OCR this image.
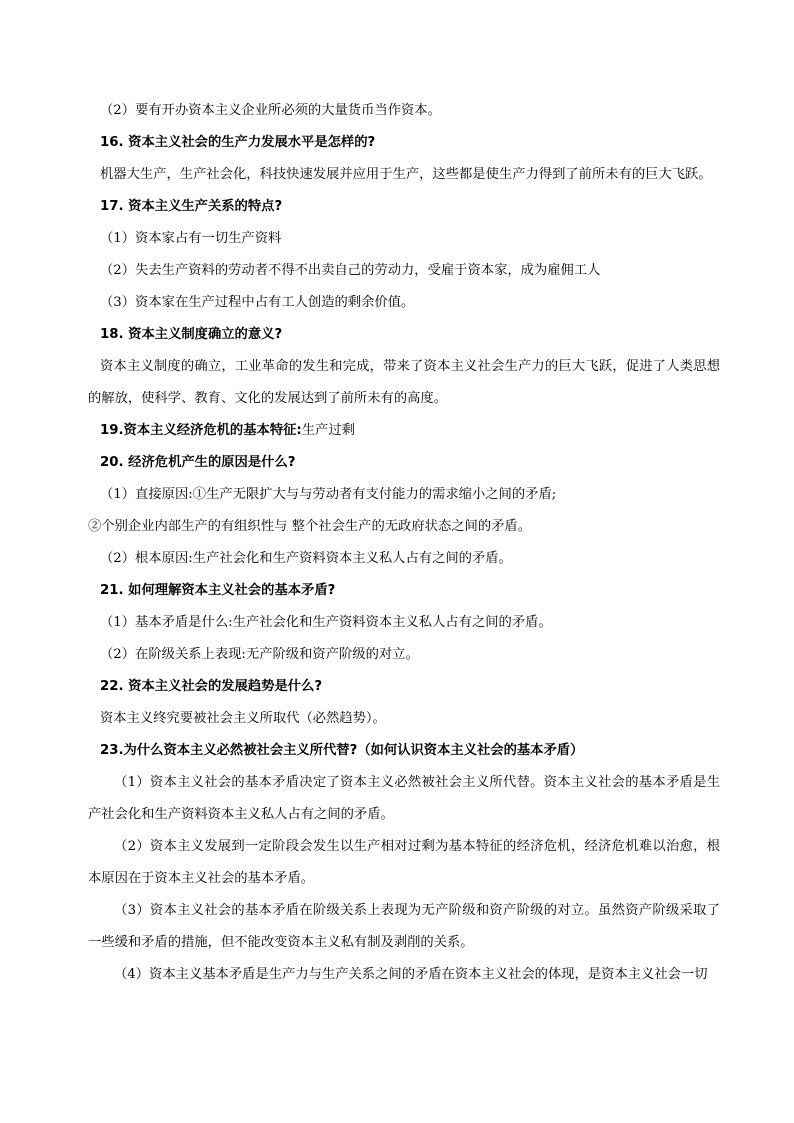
（2）要有开办资本主义企业所必须的大量货币当作资本。

16. 资本主义社会的生产力发展水平是怎样的?

机器大生产，生产社会化，科技快速发展并应用于生产，这些都是使生产力得到了前所未有的巨大飞跃。

17. 资本主义生产关系的特点?

（1）资本家占有一切生产资料

（2）失去生产资料的劳动者不得不出卖自己的劳动力，受雇于资本家，成为雇佣工人

（3）资本家在生产过程中占有工人创造的剩余价值。

18. 资本主义制度确立的意义?

资本主义制度的确立，工业革命的发生和完成，带来了资本主义社会生产力的巨大飞跃，促进了人类思想的解放，使科学、教育、文化的发展达到了前所未有的高度。

19.资本主义经济危机的基本特征:生产过剩

20. 经济危机产生的原因是什么?

（1）直接原因:①生产无限扩大与与劳动者有支付能力的需求缩小之间的矛盾;

②个别企业内部生产的有组织性与 整个社会生产的无政府状态之间的矛盾。

（2）根本原因:生产社会化和生产资料资本主义私人占有之间的矛盾。

21. 如何理解资本主义社会的基本矛盾?

（1）基本矛盾是什么:生产社会化和生产资料资本主义私人占有之间的矛盾。

（2）在阶级关系上表现:无产阶级和资产阶级的对立。

22. 资本主义社会的发展趋势是什么?

资本主义终究要被社会主义所取代（必然趋势）。

23.为什么资本主义必然被社会主义所代替?（如何认识资本主义社会的基本矛盾）

（1）资本主义社会的基本矛盾决定了资本主义必然被社会主义所代替。资本主义社会的基本矛盾是生产社会化和生产资料资本主义私人占有之间的矛盾。

（2）资本主义发展到一定阶段会发生以生产相对过剩为基本特征的经济危机，经济危机难以治愈，根本原因在于资本主义社会的基本矛盾。

（3）资本主义社会的基本矛盾在阶级关系上表现为无产阶级和资产阶级的对立。虽然资产阶级采取了一些缓和矛盾的措施，但不能改变资本主义私有制及剥削的关系。

（4）资本主义基本矛盾是生产力与生产关系之间的矛盾在资本主义社会的体现，是资本主义社会一切
